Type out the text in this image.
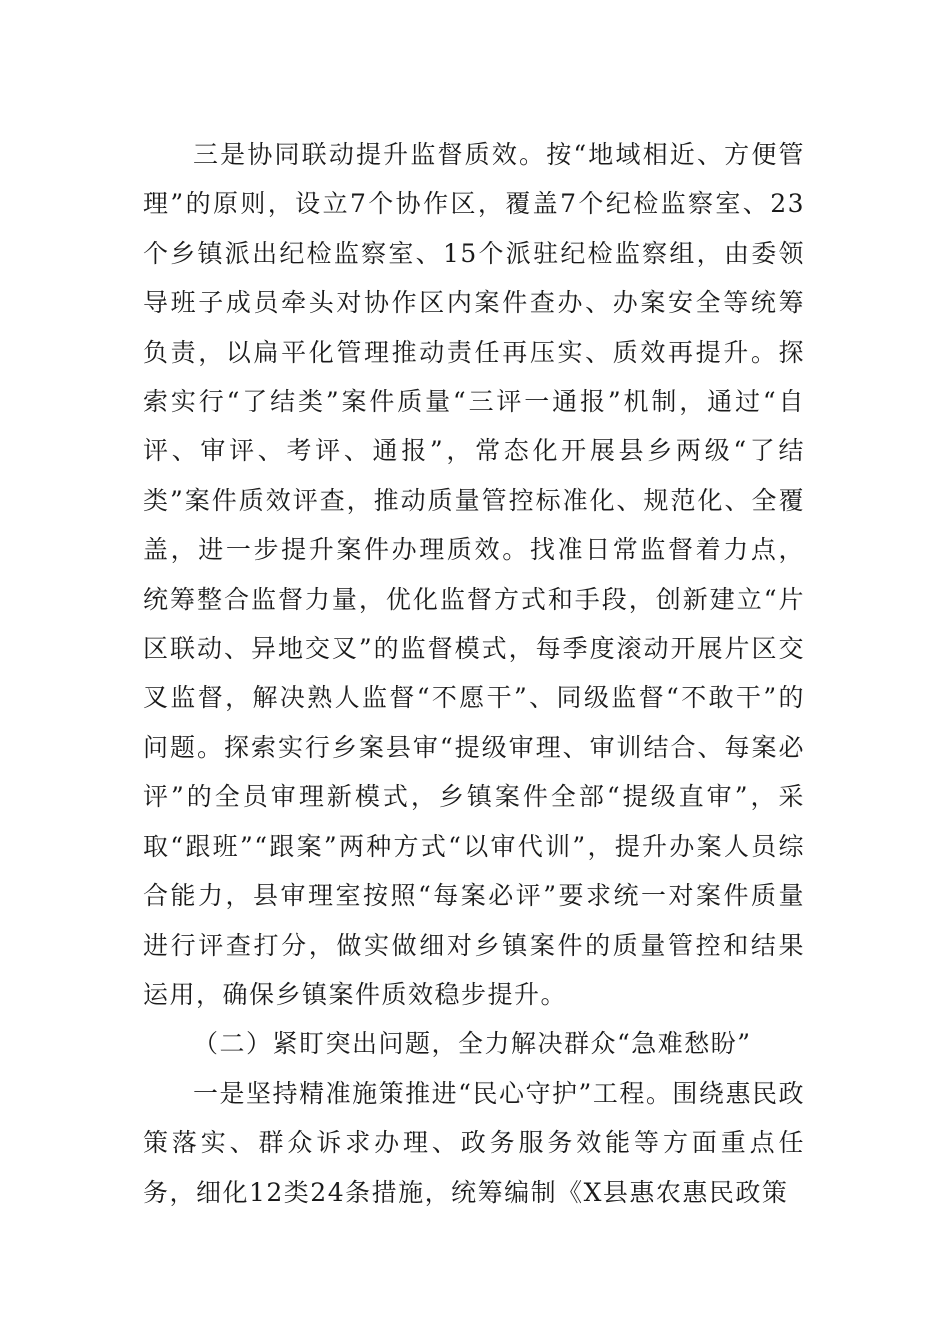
三是协同联动提升监督质效。按“地域相近、方便管理”的原则，设立7个协作区，覆盖7个纪检监察室、23个乡镇派出纪检监察室、15个派驻纪检监察组，由委领导班子成员牵头对协作区内案件查办、办案安全等统筹负责，以扁平化管理推动责任再压实、质效再提升。探索实行“了结类”案件质量“三评一通报”机制，通过“自评、审评、考评、通报”，常态化开展县乡两级“了结类”案件质效评查，推动质量管控标准化、规范化、全覆盖，进一步提升案件办理质效。找准日常监督着力点，统筹整合监督力量，优化监督方式和手段，创新建立“片区联动、异地交叉”的监督模式，每季度滚动开展片区交叉监督，解决熟人监督“不愿干”、同级监督“不敢干”的问题。探索实行乡案县审“提级审理、审训结合、每案必评”的全员审理新模式，乡镇案件全部“提级直审”，采取“跟班”“跟案”两种方式“以审代训”，提升办案人员综合能力，县审理室按照“每案必评”要求统一对案件质量进行评查打分，做实做细对乡镇案件的质量管控和结果运用，确保乡镇案件质效稳步提升。

（二）紧盯突出问题，全力解决群众“急难愁盼”

一是坚持精准施策推进“民心守护”工程。围绕惠民政策落实、群众诉求办理、政务服务效能等方面重点任务，细化12类24条措施，统筹编制《X县惠农惠民政策
